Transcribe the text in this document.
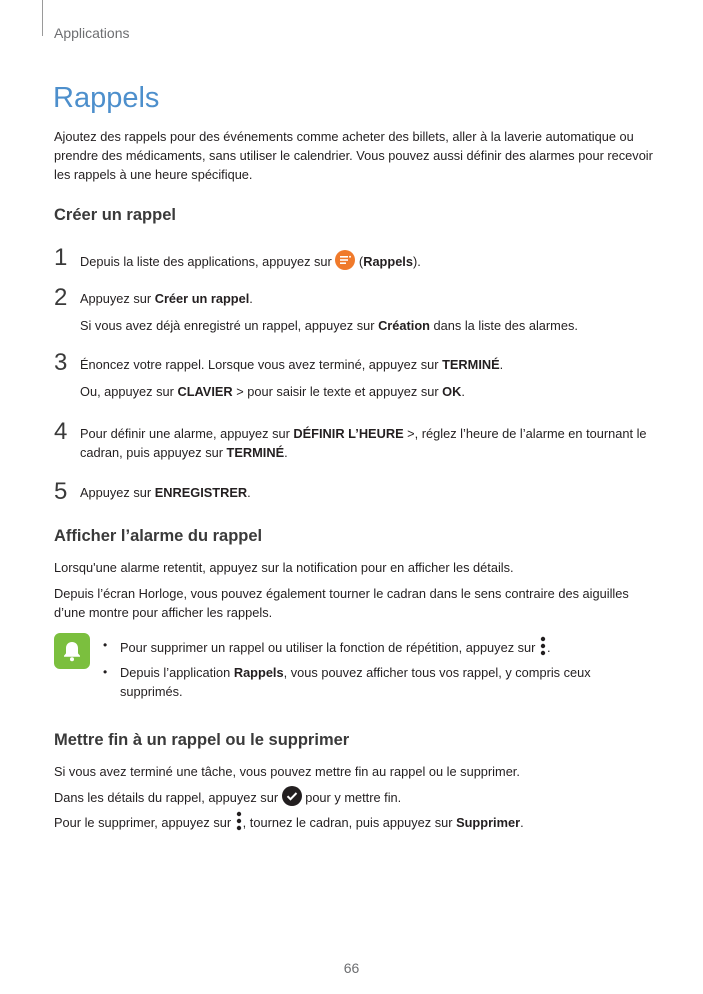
Applications
Rappels

Ajoutez des rappels pour des événements comme acheter des billets, aller à la laverie automatique ou prendre des médicaments, sans utiliser le calendrier. Vous pouvez aussi définir des alarmes pour recevoir les rappels à une heure spécifique.

Créer un rappel
1 Depuis la liste des applications, appuyez sur  (Rappels).

2 Appuyez sur Créer un rappel.

Si vous avez déjà enregistré un rappel, appuyez sur Création dans la liste des alarmes.

3 Énoncez votre rappel. Lorsque vous avez terminé, appuyez sur TERMINÉ.

Ou, appuyez sur CLAVIER > pour saisir le texte et appuyez sur OK.

4 Pour définir une alarme, appuyez sur DÉFINIR L’HEURE >, réglez l’heure de l’alarme en tournant le cadran, puis appuyez sur TERMINÉ.

5 Appuyez sur ENREGISTRER.

Afficher l’alarme du rappel

Lorsqu'une alarme retentit, appuyez sur la notification pour en afficher les détails.

Depuis l’écran Horloge, vous pouvez également tourner le cadran dans le sens contraire des aiguilles d’une montre pour afficher les rappels.

• Pour supprimer un rappel ou utiliser la fonction de répétition, appuyez sur .

• Depuis l’application Rappels, vous pouvez afficher tous vos rappel, y compris ceux supprimés.

Mettre fin à un rappel ou le supprimer

Si vous avez terminé une tâche, vous pouvez mettre fin au rappel ou le supprimer.

Dans les détails du rappel, appuyez sur  pour y mettre fin.

Pour le supprimer, appuyez sur , tournez le cadran, puis appuyez sur Supprimer.

66
